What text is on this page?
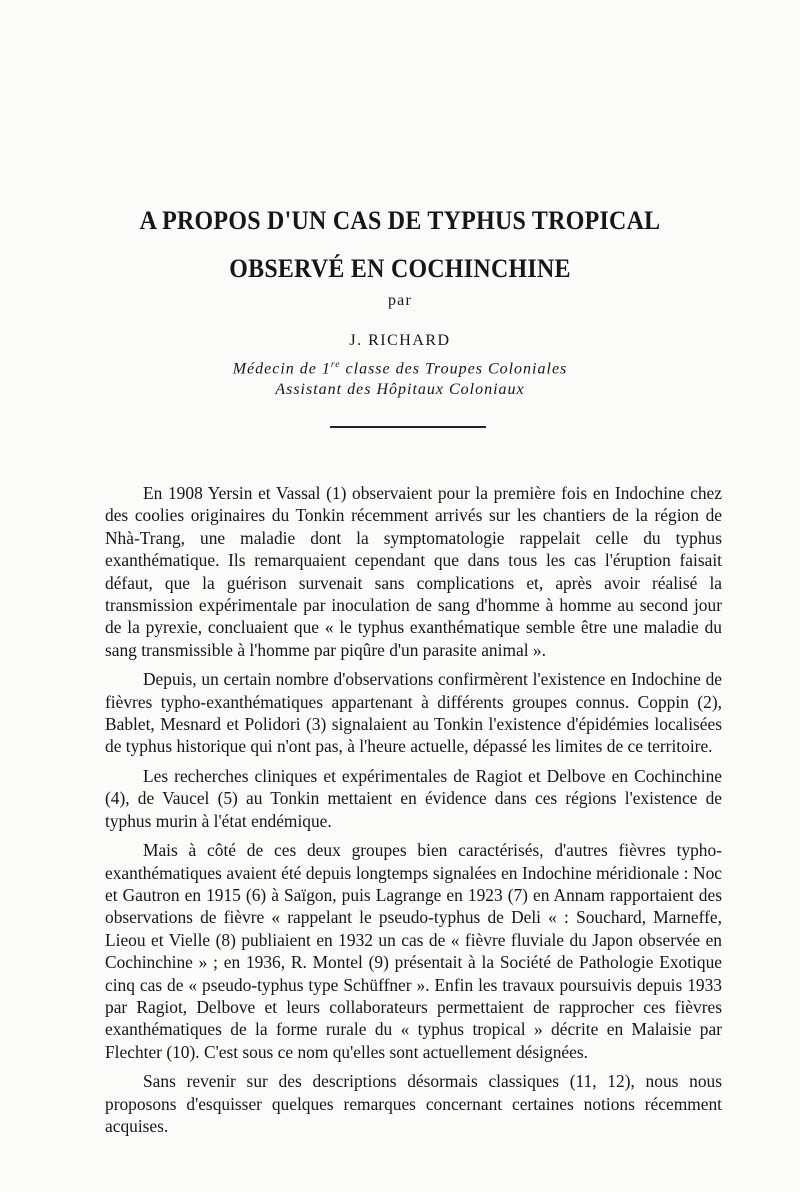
A PROPOS D'UN CAS DE TYPHUS TROPICAL
OBSERVÉ EN COCHINCHINE

par

J. RICHARD

Médecin de 1re classe des Troupes Coloniales

Assistant des Hôpitaux Coloniaux

En 1908 Yersin et Vassal (1) observaient pour la première fois en Indochine chez des coolies originaires du Tonkin récemment arrivés sur les chantiers de la région de Nhà-Trang, une maladie dont la symptomatologie rappelait celle du typhus exanthématique. Ils remarquaient cependant que dans tous les cas l'éruption faisait défaut, que la guérison survenait sans complications et, après avoir réalisé la transmission expérimentale par inoculation de sang d'homme à homme au second jour de la pyrexie, concluaient que « le typhus exanthématique semble être une maladie du sang transmissible à l'homme par piqûre d'un parasite animal ».

Depuis, un certain nombre d'observations confirmèrent l'existence en Indochine de fièvres typho-exanthématiques appartenant à différents groupes connus. Coppin (2), Bablet, Mesnard et Polidori (3) signalaient au Tonkin l'existence d'épidémies localisées de typhus historique qui n'ont pas, à l'heure actuelle, dépassé les limites de ce territoire.

Les recherches cliniques et expérimentales de Ragiot et Delbove en Cochinchine (4), de Vaucel (5) au Tonkin mettaient en évidence dans ces régions l'existence de typhus murin à l'état endémique.

Mais à côté de ces deux groupes bien caractérisés, d'autres fièvres typho-exanthématiques avaient été depuis longtemps signalées en Indochine méridionale : Noc et Gautron en 1915 (6) à Saïgon, puis Lagrange en 1923 (7) en Annam rapportaient des observations de fièvre « rappelant le pseudo-typhus de Deli « : Souchard, Marneffe, Lieou et Vielle (8) publiaient en 1932 un cas de « fièvre fluviale du Japon observée en Cochinchine » ; en 1936, R. Montel (9) présentait à la Société de Pathologie Exotique cinq cas de « pseudo-typhus type Schüffner ». Enfin les travaux poursuivis depuis 1933 par Ragiot, Delbove et leurs collaborateurs permettaient de rapprocher ces fièvres exanthématiques de la forme rurale du « typhus tropical » décrite en Malaisie par Flechter (10). C'est sous ce nom qu'elles sont actuellement désignées.

Sans revenir sur des descriptions désormais classiques (11, 12), nous nous proposons d'esquisser quelques remarques concernant certaines notions récemment acquises.
